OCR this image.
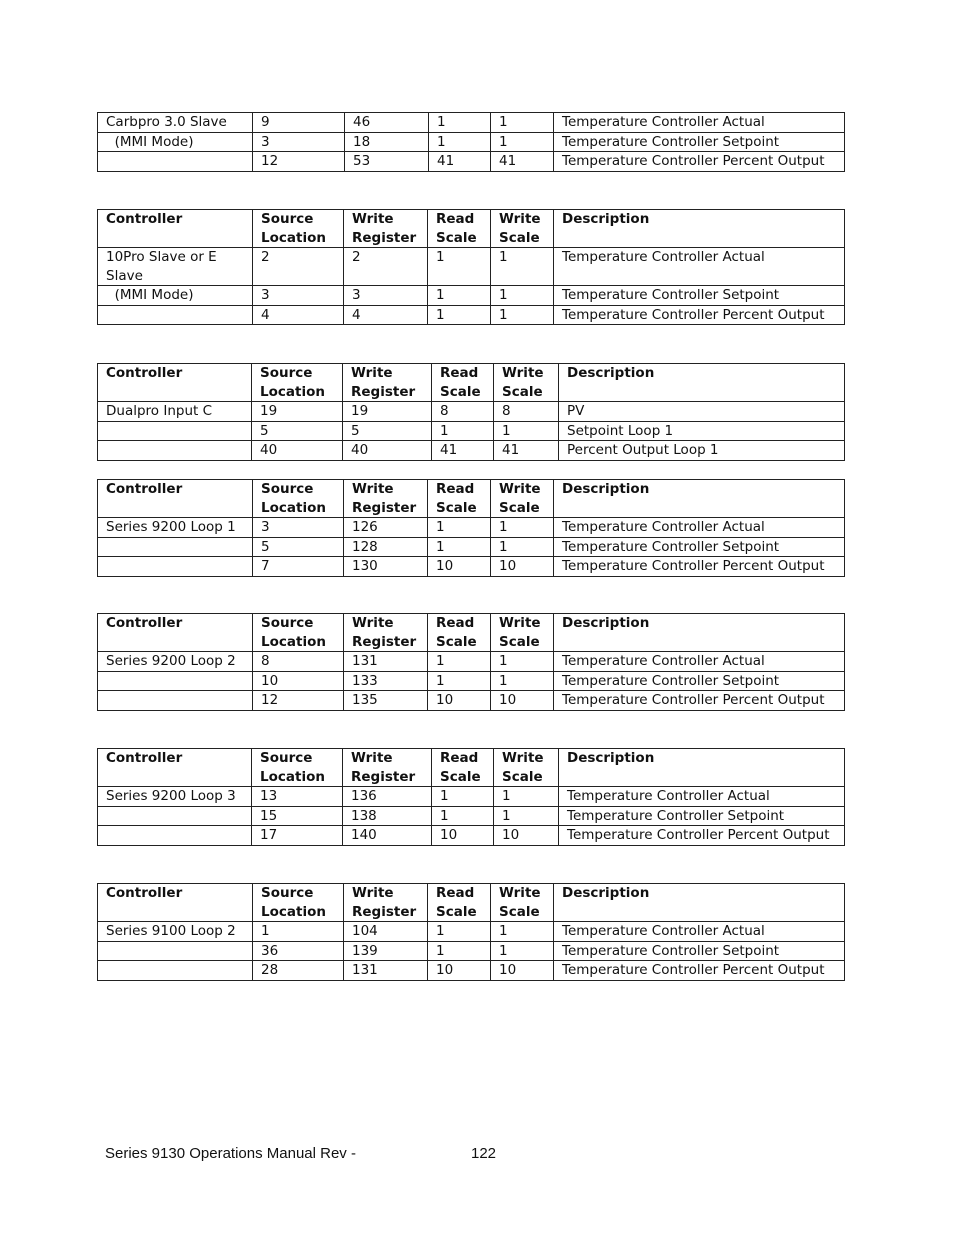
Carbpro 3.0 Slave	9	46	1	1	Temperature Controller Actual
(MMI Mode)	3	18	1	1	Temperature Controller Setpoint
	12	53	41	41	Temperature Controller Percent Output
Controller	Source Location	Write Register	Read Scale	Write Scale	Description
10Pro Slave or E Slave	2	2	1	1	Temperature Controller Actual
(MMI Mode)	3	3	1	1	Temperature Controller Setpoint
	4	4	1	1	Temperature Controller Percent Output
Controller	Source Location	Write Register	Read Scale	Write Scale	Description
Dualpro Input C	19	19	8	8	PV
	5	5	1	1	Setpoint Loop 1
	40	40	41	41	Percent Output Loop 1
Controller	Source Location	Write Register	Read Scale	Write Scale	Description
Series 9200 Loop 1	3	126	1	1	Temperature Controller Actual
	5	128	1	1	Temperature Controller Setpoint
	7	130	10	10	Temperature Controller Percent Output
Controller	Source Location	Write Register	Read Scale	Write Scale	Description
Series 9200 Loop 2	8	131	1	1	Temperature Controller Actual
	10	133	1	1	Temperature Controller Setpoint
	12	135	10	10	Temperature Controller Percent Output
Controller	Source Location	Write Register	Read Scale	Write Scale	Description
Series 9200 Loop 3	13	136	1	1	Temperature Controller Actual
	15	138	1	1	Temperature Controller Setpoint
	17	140	10	10	Temperature Controller Percent Output
Controller	Source Location	Write Register	Read Scale	Write Scale	Description
Series 9100 Loop 2	1	104	1	1	Temperature Controller Actual
	36	139	1	1	Temperature Controller Setpoint
	28	131	10	10	Temperature Controller Percent Output
Series 9130 Operations Manual Rev -	122
